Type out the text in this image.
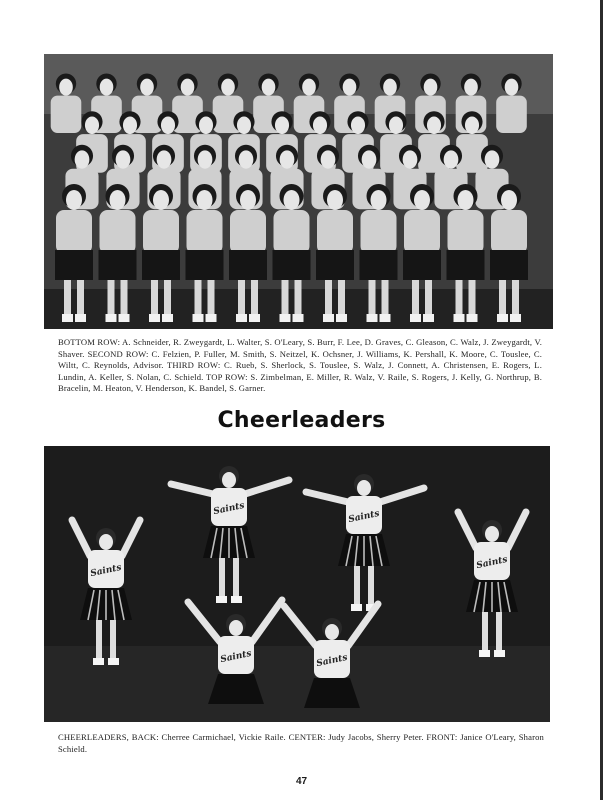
BOTTOM ROW: A. Schneider, R. Zweygardt, L. Walter, S. O'Leary, S. Burr, F. Lee, D. Graves, C. Gleason, C. Walz, J. Zweygardt, V. Shaver. SECOND ROW: C. Felzien, P. Fuller, M. Smith, S. Neitzel, K. Ochsner, J. Williams, K. Pershall, K. Moore, C. Touslee, C. Wiltt, C. Reynolds, Advisor. THIRD ROW: C. Rueb, S. Sherlock, S. Touslee, S. Walz, J. Connett, A. Christensen, E. Rogers, L. Lundin, A. Keller, S. Nolan, C. Schield. TOP ROW: S. Zimbelman, E. Miller, R. Walz, V. Raile, S. Rogers, J. Kelly, G. Northrup, B. Bracelin, M. Heaton, V. Henderson, K. Bandel, S. Garner.
Cheerleaders
Saints	Saints
Saints	Saints
Saints	Saints
CHEERLEADERS, BACK: Cherree Carmichael, Vickie Raile. CENTER: Judy Jacobs, Sherry Peter. FRONT: Janice O'Leary, Sharon Schield.
47
